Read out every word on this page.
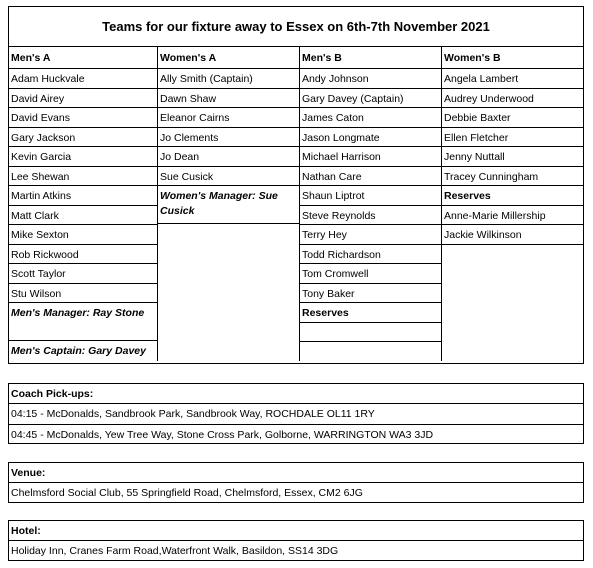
Teams for our fixture away to Essex on 6th-7th November 2021
Men's A
Adam Huckvale
David Airey
David Evans
Gary Jackson
Kevin Garcia
Lee Shewan
Martin Atkins
Matt Clark
Mike Sexton
Rob Rickwood
Scott Taylor
Stu Wilson
Men's Manager: Ray Stone
Men's Captain: Gary Davey
Women's A
Ally Smith (Captain)
Dawn Shaw
Eleanor Cairns
Jo Clements
Jo Dean
Sue Cusick
Women's Manager: Sue Cusick
Men's B
Andy Johnson
Gary Davey (Captain)
James Caton
Jason Longmate
Michael Harrison
Nathan Care
Shaun Liptrot
Steve Reynolds
Terry Hey
Todd Richardson
Tom Cromwell
Tony Baker
Reserves
Women's B
Angela Lambert
Audrey Underwood
Debbie Baxter
Ellen Fletcher
Jenny Nuttall
Tracey Cunningham
Reserves
Anne-Marie Millership
Jackie Wilkinson
Coach Pick-ups:
04:15 - McDonalds, Sandbrook Park, Sandbrook Way, ROCHDALE OL11 1RY
04:45 - McDonalds, Yew Tree Way, Stone Cross Park, Golborne, WARRINGTON WA3 3JD
Venue:
Chelmsford Social Club, 55 Springfield Road, Chelmsford, Essex, CM2 6JG
Hotel:
Holiday Inn, Cranes Farm Road,Waterfront Walk, Basildon, SS14 3DG
